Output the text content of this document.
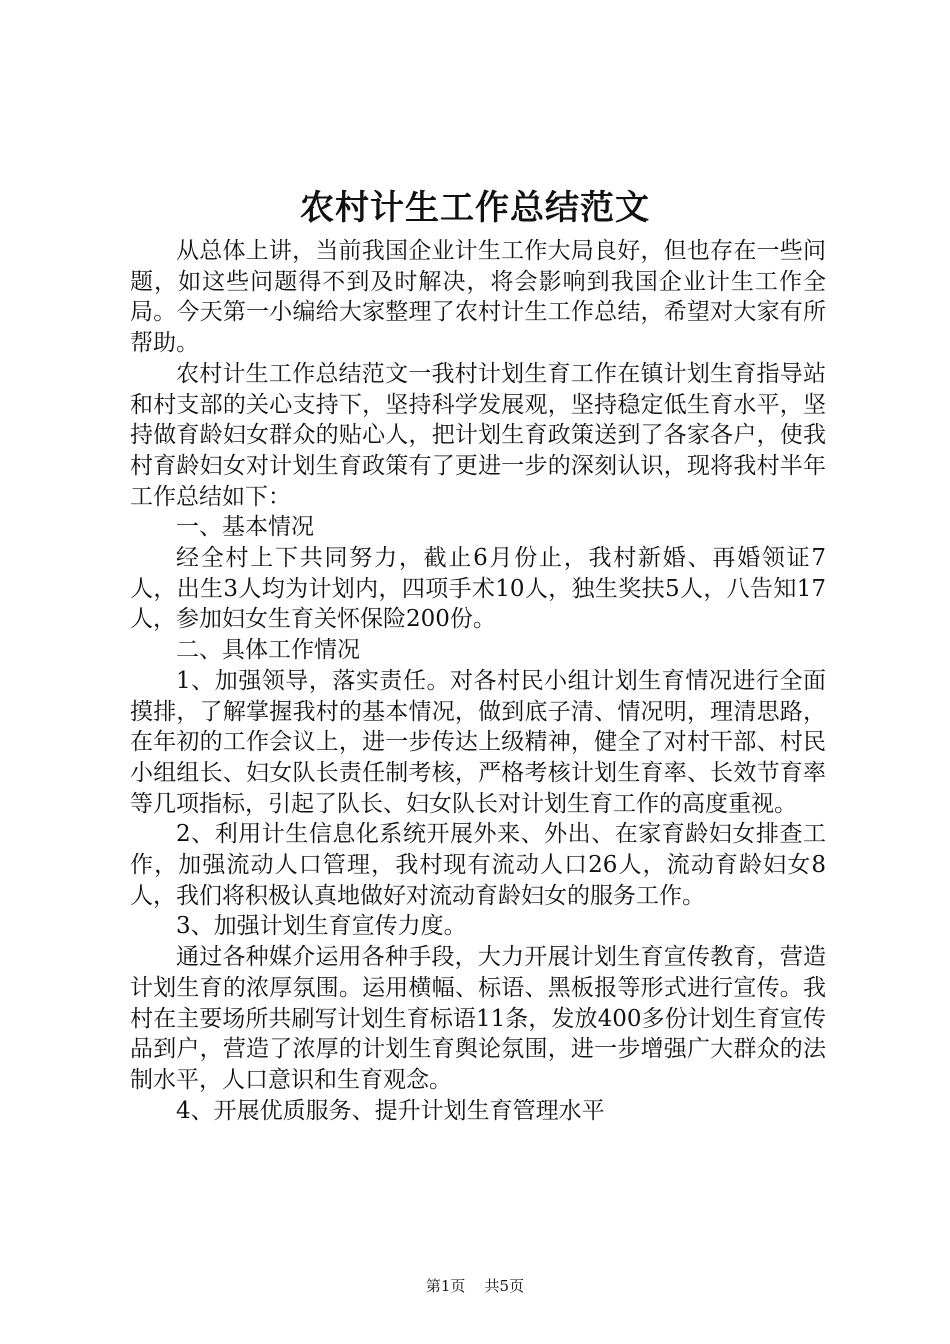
农村计生工作总结范文

从总体上讲，当前我国企业计生工作大局良好，但也存在一些问题，如这些问题得不到及时解决，将会影响到我国企业计生工作全局。今天第一小编给大家整理了农村计生工作总结，希望对大家有所帮助。

农村计生工作总结范文一我村计划生育工作在镇计划生育指导站和村支部的关心支持下，坚持科学发展观，坚持稳定低生育水平，坚持做育龄妇女群众的贴心人，把计划生育政策送到了各家各户，使我村育龄妇女对计划生育政策有了更进一步的深刻认识，现将我村半年工作总结如下：

一、基本情况

经全村上下共同努力，截止6月份止，我村新婚、再婚领证7人，出生3人均为计划内，四项手术10人，独生奖扶5人，八告知17人，参加妇女生育关怀保险200份。

二、具体工作情况

1、加强领导，落实责任。对各村民小组计划生育情况进行全面摸排，了解掌握我村的基本情况，做到底子清、情况明，理清思路，在年初的工作会议上，进一步传达上级精神，健全了对村干部、村民小组组长、妇女队长责任制考核，严格考核计划生育率、长效节育率等几项指标，引起了队长、妇女队长对计划生育工作的高度重视。

2、利用计生信息化系统开展外来、外出、在家育龄妇女排查工作，加强流动人口管理，我村现有流动人口26人，流动育龄妇女8人，我们将积极认真地做好对流动育龄妇女的服务工作。

3、加强计划生育宣传力度。

通过各种媒介运用各种手段，大力开展计划生育宣传教育，营造计划生育的浓厚氛围。运用横幅、标语、黑板报等形式进行宣传。我村在主要场所共刷写计划生育标语11条，发放400多份计划生育宣传品到户，营造了浓厚的计划生育舆论氛围，进一步增强广大群众的法制水平，人口意识和生育观念。

4、开展优质服务、提升计划生育管理水平

第1页 共5页
